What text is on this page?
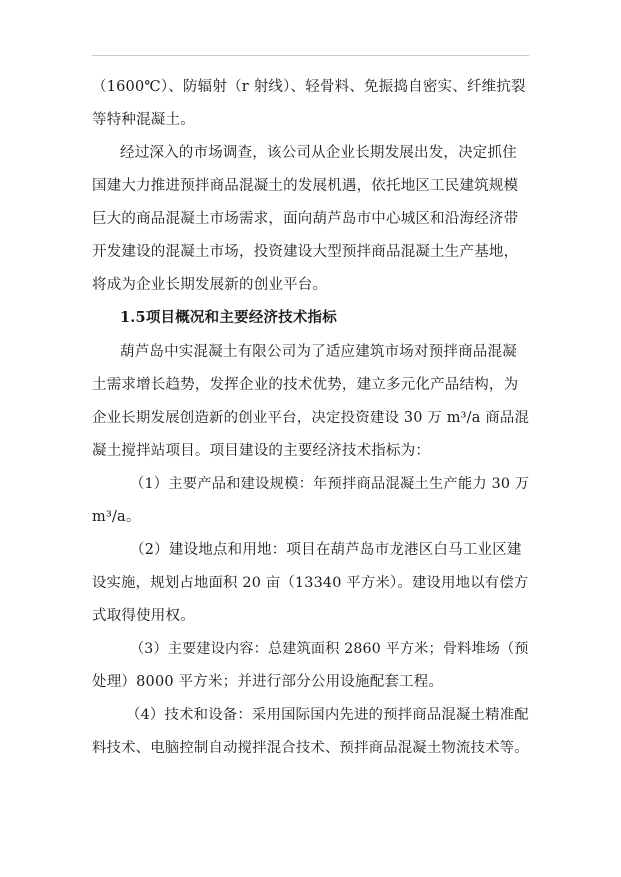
（1600℃）、防辐射（r 射线）、轻骨料、免振捣自密实、纤维抗裂
等特种混凝土。
经过深入的市场调查，该公司从企业长期发展出发，决定抓住
国建大力推进预拌商品混凝土的发展机遇，依托地区工民建筑规模
巨大的商品混凝土市场需求，面向葫芦岛市中心城区和沿海经济带
开发建设的混凝土市场，投资建设大型预拌商品混凝土生产基地，
将成为企业长期发展新的创业平台。
1.5项目概况和主要经济技术指标
葫芦岛中实混凝土有限公司为了适应建筑市场对预拌商品混凝
土需求增长趋势，发挥企业的技术优势，建立多元化产品结构，为
企业长期发展创造新的创业平台，决定投资建设 30 万 m³/a 商品混
凝土搅拌站项目。项目建设的主要经济技术指标为：
（1）主要产品和建设规模：年预拌商品混凝土生产能力 30 万
m³/a。
（2）建设地点和用地：项目在葫芦岛市龙港区白马工业区建
设实施，规划占地面积 20 亩（13340 平方米）。建设用地以有偿方
式取得使用权。
（3）主要建设内容：总建筑面积 2860 平方米；骨料堆场（预
处理）8000 平方米；并进行部分公用设施配套工程。
（4）技术和设备：采用国际国内先进的预拌商品混凝土精准配
料技术、电脑控制自动搅拌混合技术、预拌商品混凝土物流技术等。
